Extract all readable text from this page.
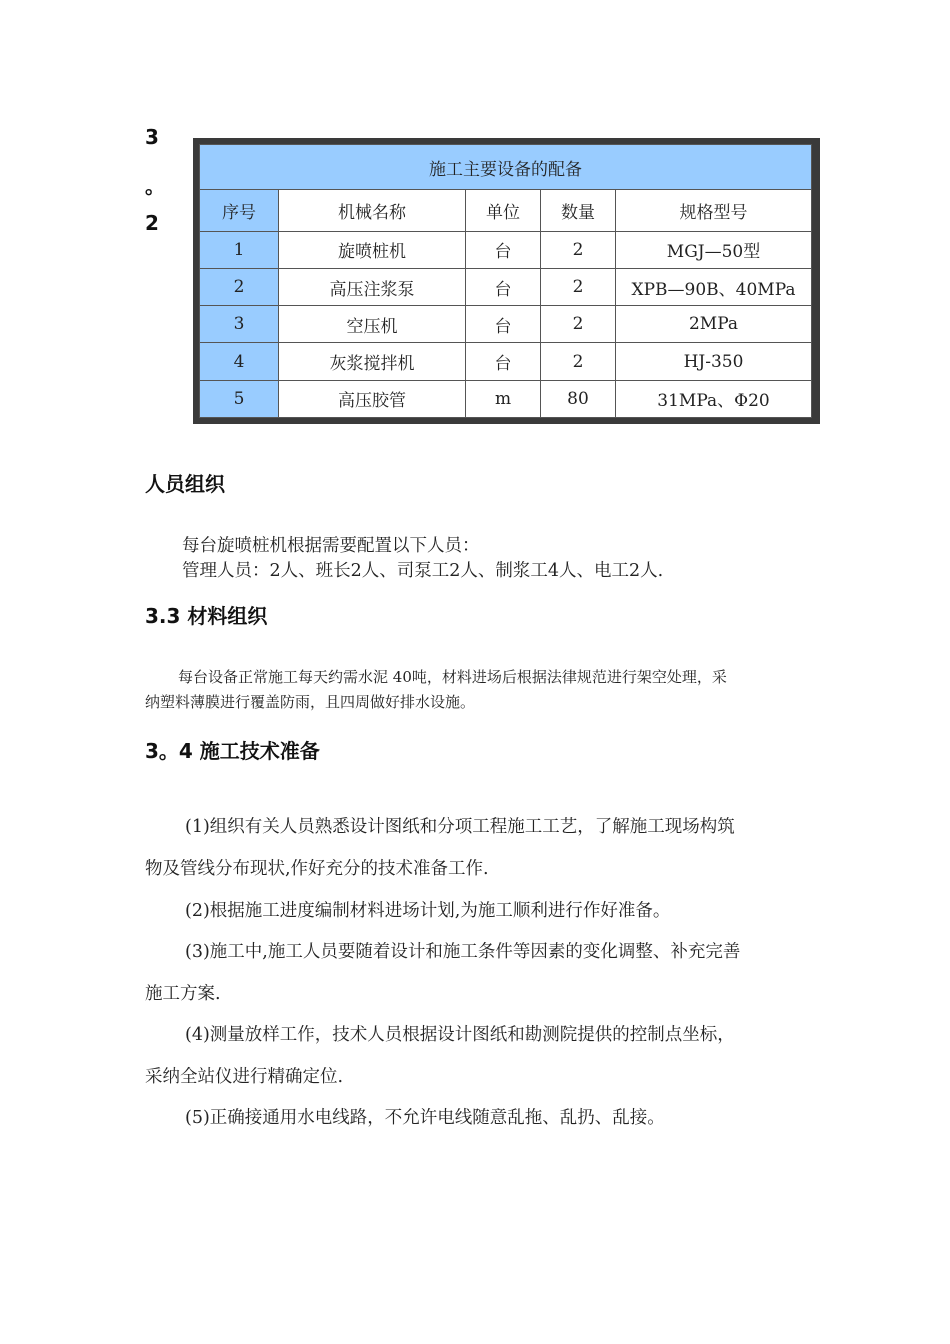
3
。
2
施工主要设备的配备				
序号	机械名称	单位	数量	规格型号
1	旋喷桩机	台	2	MGJ—50型
2	高压注浆泵	台	2	XPB—90B、40MPa
3	空压机	台	2	2MPa
4	灰浆搅拌机	台	2	HJ-350
5	高压胶管	m	80	31MPa、Φ20
人员组织
每台旋喷桩机根据需要配置以下人员：
管理人员：2人、班长2人、司泵工2人、制浆工4人、电工2人.
3.3 材料组织
每台设备正常施工每天约需水泥 40吨，材料进场后根据法律规范进行架空处理，采
纳塑料薄膜进行覆盖防雨，且四周做好排水设施。
3。4 施工技术准备
(1)组织有关人员熟悉设计图纸和分项工程施工工艺，了解施工现场构筑
物及管线分布现状,作好充分的技术准备工作.
(2)根据施工进度编制材料进场计划,为施工顺利进行作好准备。
(3)施工中,施工人员要随着设计和施工条件等因素的变化调整、补充完善
施工方案.
(4)测量放样工作，技术人员根据设计图纸和勘测院提供的控制点坐标，
采纳全站仪进行精确定位.
(5)正确接通用水电线路，不允许电线随意乱拖、乱扔、乱接。
